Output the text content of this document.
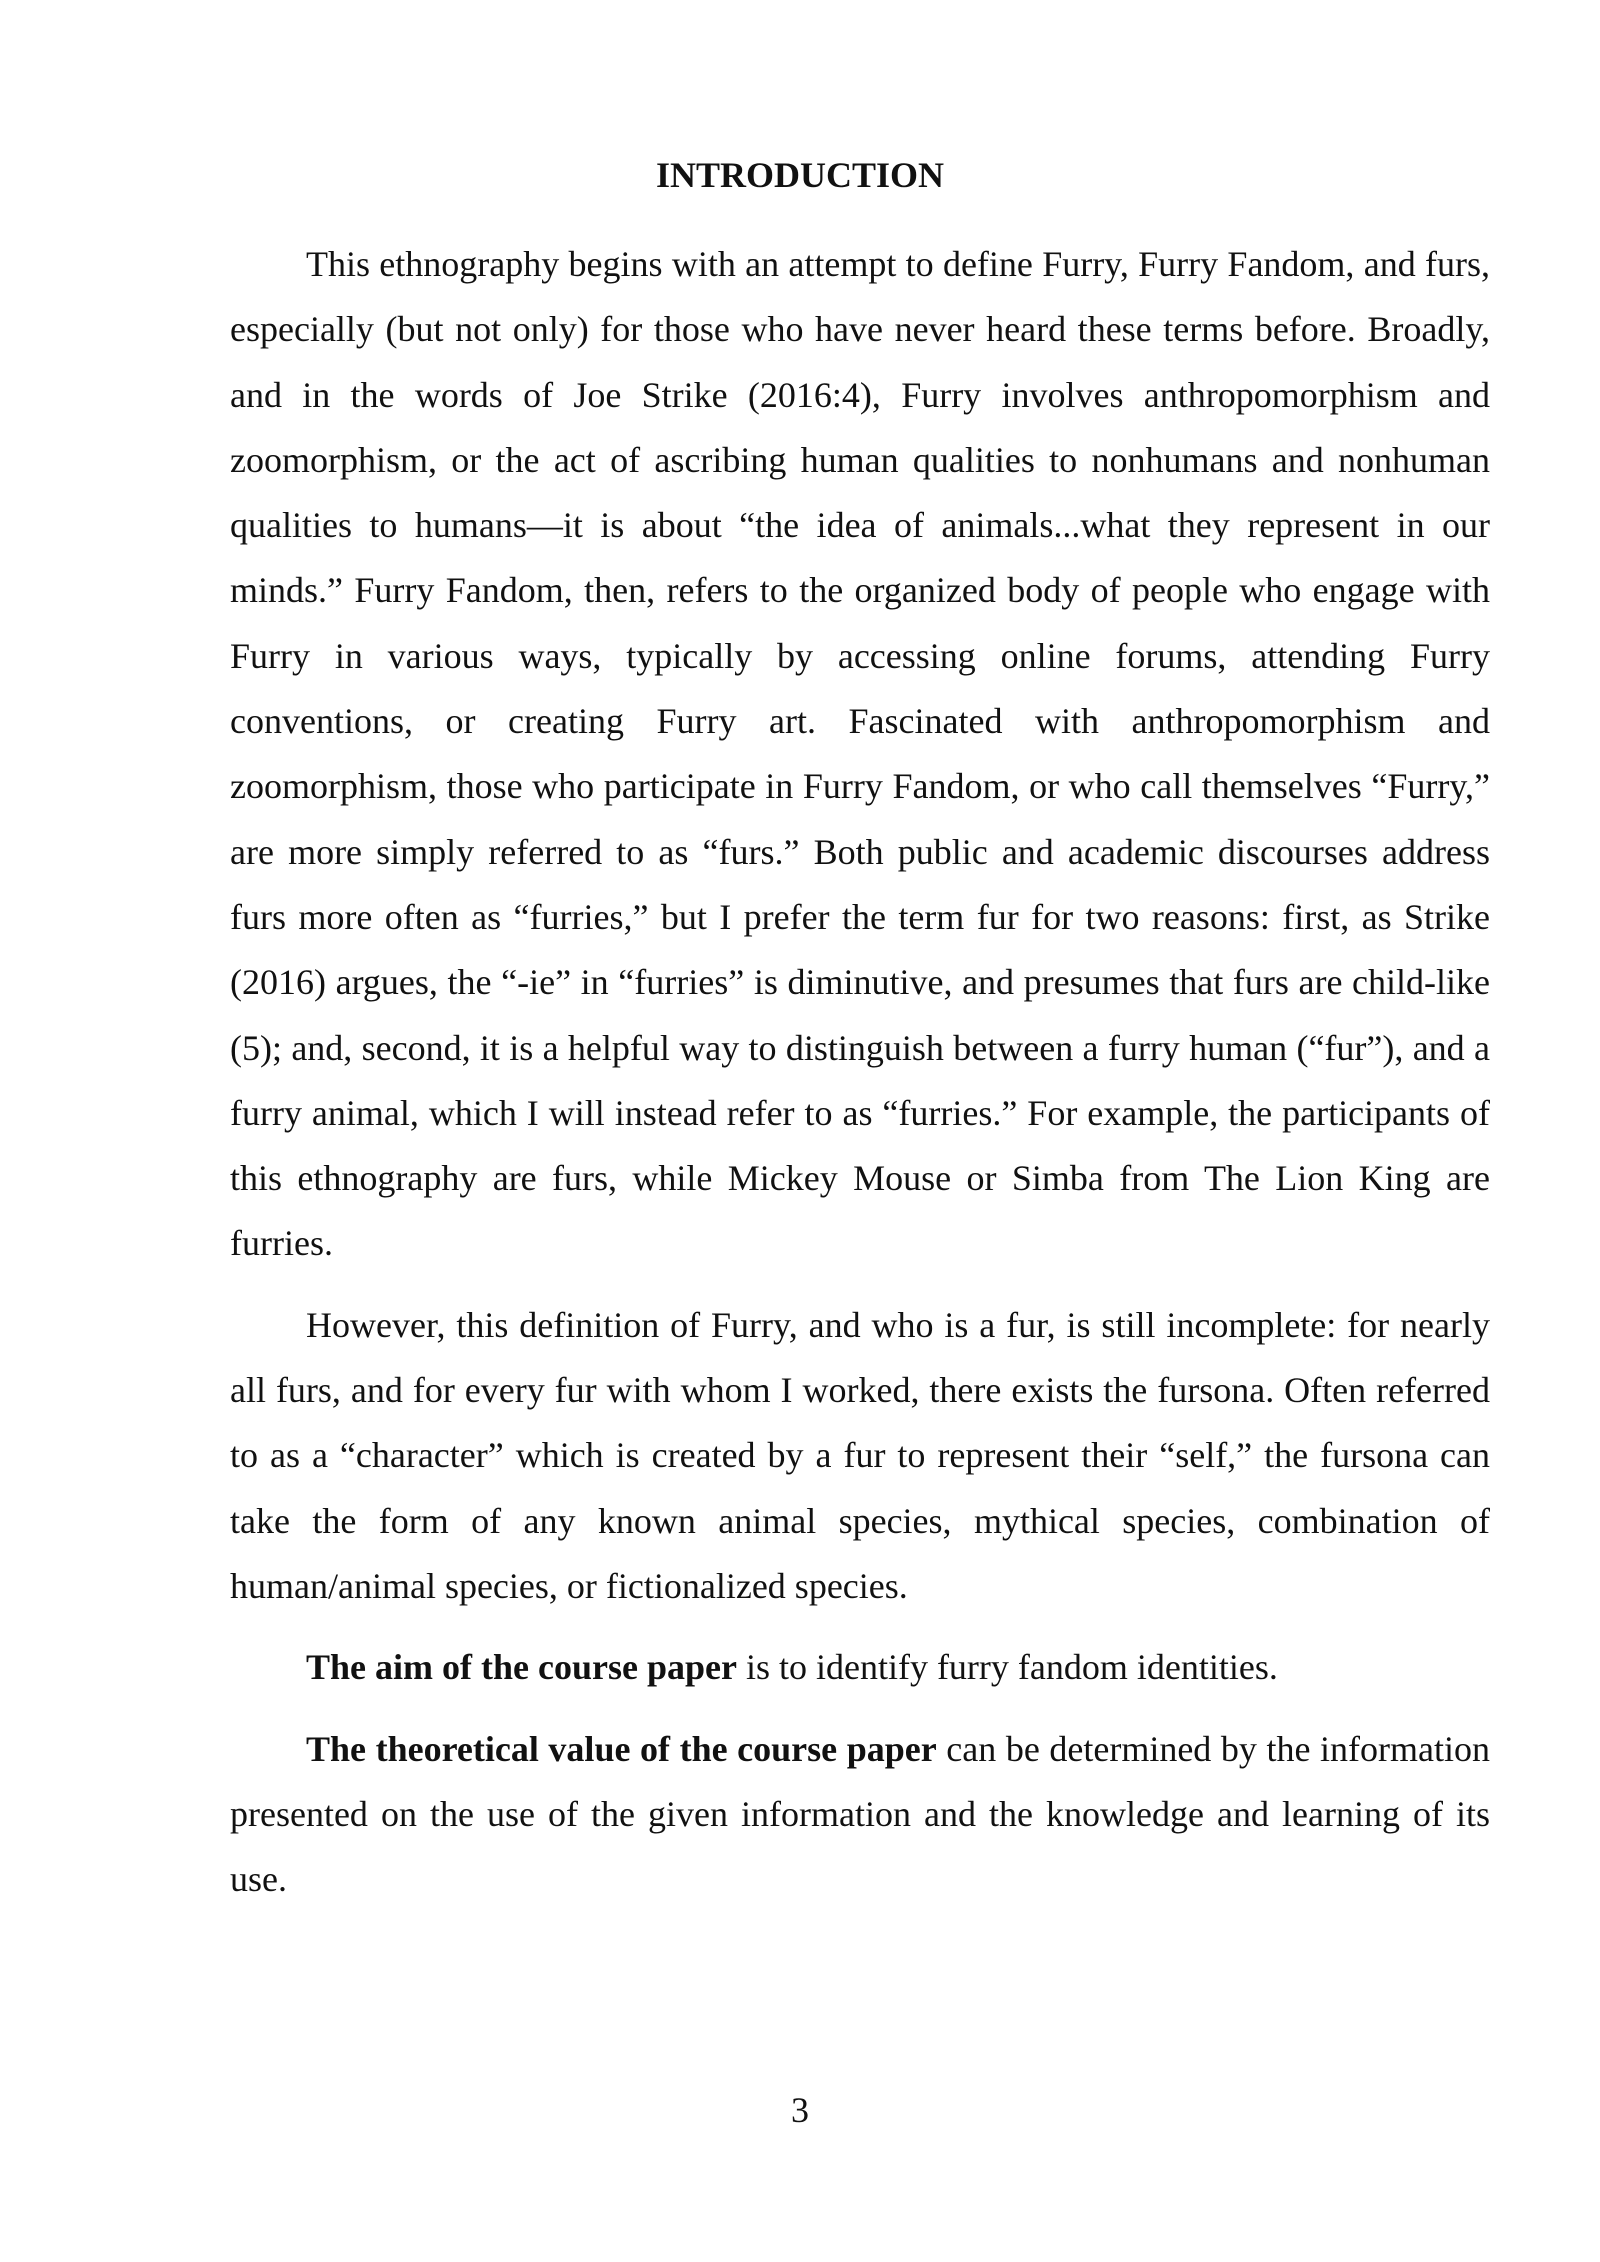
INTRODUCTION

This ethnography begins with an attempt to define Furry, Furry Fandom, and furs, especially (but not only) for those who have never heard these terms before. Broadly, and in the words of Joe Strike (2016:4), Furry involves anthropomorphism and zoomorphism, or the act of ascribing human qualities to nonhumans and nonhuman qualities to humans—it is about “the idea of animals...what they represent in our minds.” Furry Fandom, then, refers to the organized body of people who engage with Furry in various ways, typically by accessing online forums, attending Furry conventions, or creating Furry art. Fascinated with anthropomorphism and zoomorphism, those who participate in Furry Fandom, or who call themselves “Furry,” are more simply referred to as “furs.” Both public and academic discourses address furs more often as “furries,” but I prefer the term fur for two reasons: first, as Strike (2016) argues, the “-ie” in “furries” is diminutive, and presumes that furs are child-like (5); and, second, it is a helpful way to distinguish between a furry human (“fur”), and a furry animal, which I will instead refer to as “furries.” For example, the participants of this ethnography are furs, while Mickey Mouse or Simba from The Lion King are furries.

However, this definition of Furry, and who is a fur, is still incomplete: for nearly all furs, and for every fur with whom I worked, there exists the fursona. Often referred to as a “character” which is created by a fur to represent their “self,” the fursona can take the form of any known animal species, mythical species, combination of human/animal species, or fictionalized species.

The aim of the course paper is to identify furry fandom identities.

The theoretical value of the course paper can be determined by the information presented on the use of the given information and the knowledge and learning of its use.

3
